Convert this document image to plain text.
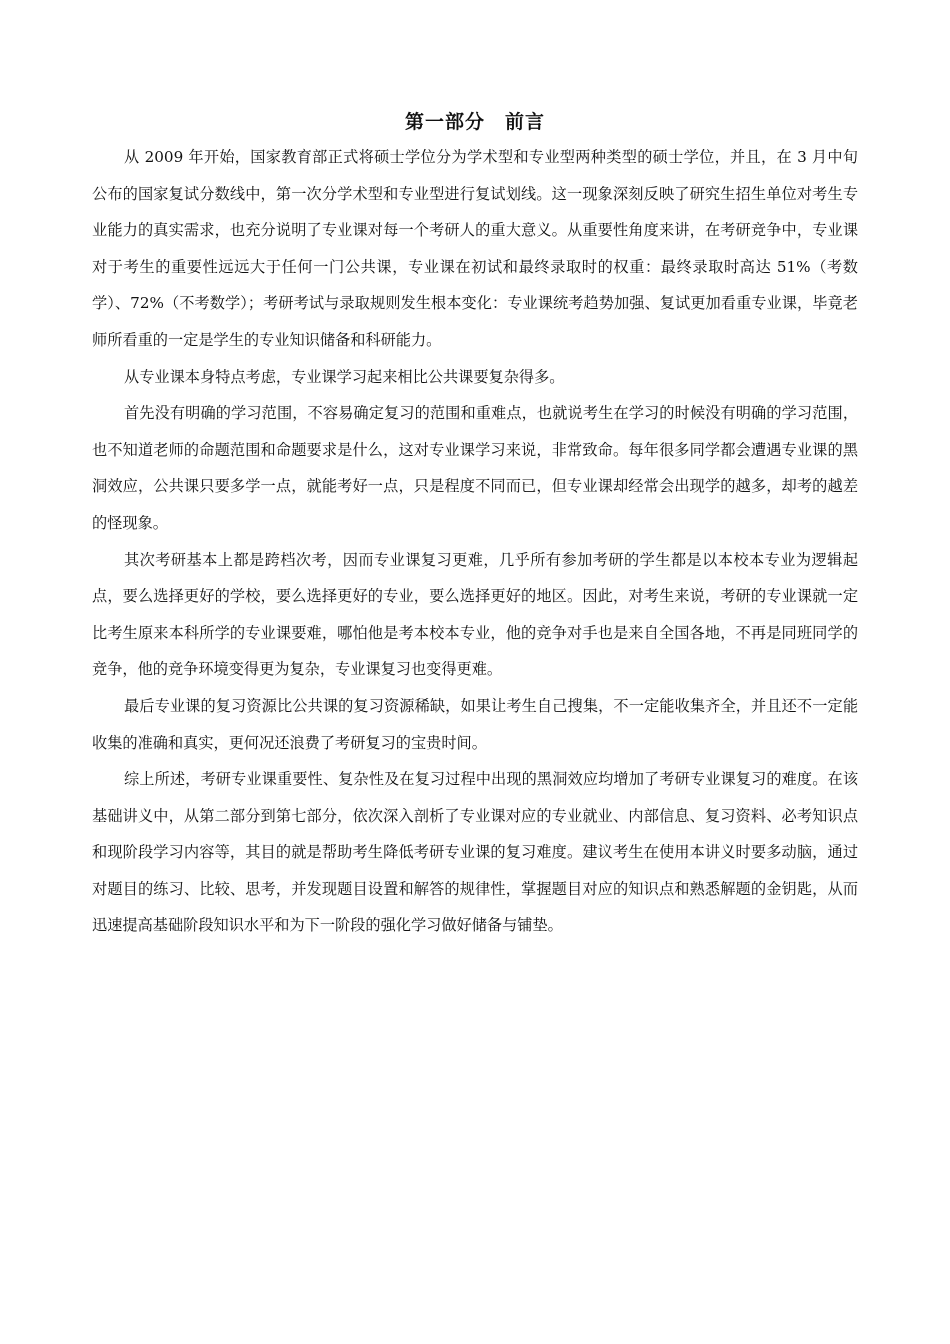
第一部分　前言

从 2009 年开始，国家教育部正式将硕士学位分为学术型和专业型两种类型的硕士学位，并且，在 3 月中旬公布的国家复试分数线中，第一次分学术型和专业型进行复试划线。这一现象深刻反映了研究生招生单位对考生专业能力的真实需求，也充分说明了专业课对每一个考研人的重大意义。从重要性角度来讲，在考研竞争中，专业课对于考生的重要性远远大于任何一门公共课，专业课在初试和最终录取时的权重：最终录取时高达 51%（考数学）、72%（不考数学）；考研考试与录取规则发生根本变化：专业课统考趋势加强、复试更加看重专业课，毕竟老师所看重的一定是学生的专业知识储备和科研能力。

从专业课本身特点考虑，专业课学习起来相比公共课要复杂得多。

首先没有明确的学习范围，不容易确定复习的范围和重难点，也就说考生在学习的时候没有明确的学习范围，也不知道老师的命题范围和命题要求是什么，这对专业课学习来说，非常致命。每年很多同学都会遭遇专业课的黑洞效应，公共课只要多学一点，就能考好一点，只是程度不同而已，但专业课却经常会出现学的越多，却考的越差的怪现象。

其次考研基本上都是跨档次考，因而专业课复习更难，几乎所有参加考研的学生都是以本校本专业为逻辑起点，要么选择更好的学校，要么选择更好的专业，要么选择更好的地区。因此，对考生来说，考研的专业课就一定比考生原来本科所学的专业课要难，哪怕他是考本校本专业，他的竞争对手也是来自全国各地，不再是同班同学的竞争，他的竞争环境变得更为复杂，专业课复习也变得更难。

最后专业课的复习资源比公共课的复习资源稀缺，如果让考生自己搜集，不一定能收集齐全，并且还不一定能收集的准确和真实，更何况还浪费了考研复习的宝贵时间。

综上所述，考研专业课重要性、复杂性及在复习过程中出现的黑洞效应均增加了考研专业课复习的难度。在该基础讲义中，从第二部分到第七部分，依次深入剖析了专业课对应的专业就业、内部信息、复习资料、必考知识点和现阶段学习内容等，其目的就是帮助考生降低考研专业课的复习难度。建议考生在使用本讲义时要多动脑，通过对题目的练习、比较、思考，并发现题目设置和解答的规律性，掌握题目对应的知识点和熟悉解题的金钥匙，从而迅速提高基础阶段知识水平和为下一阶段的强化学习做好储备与铺垫。
